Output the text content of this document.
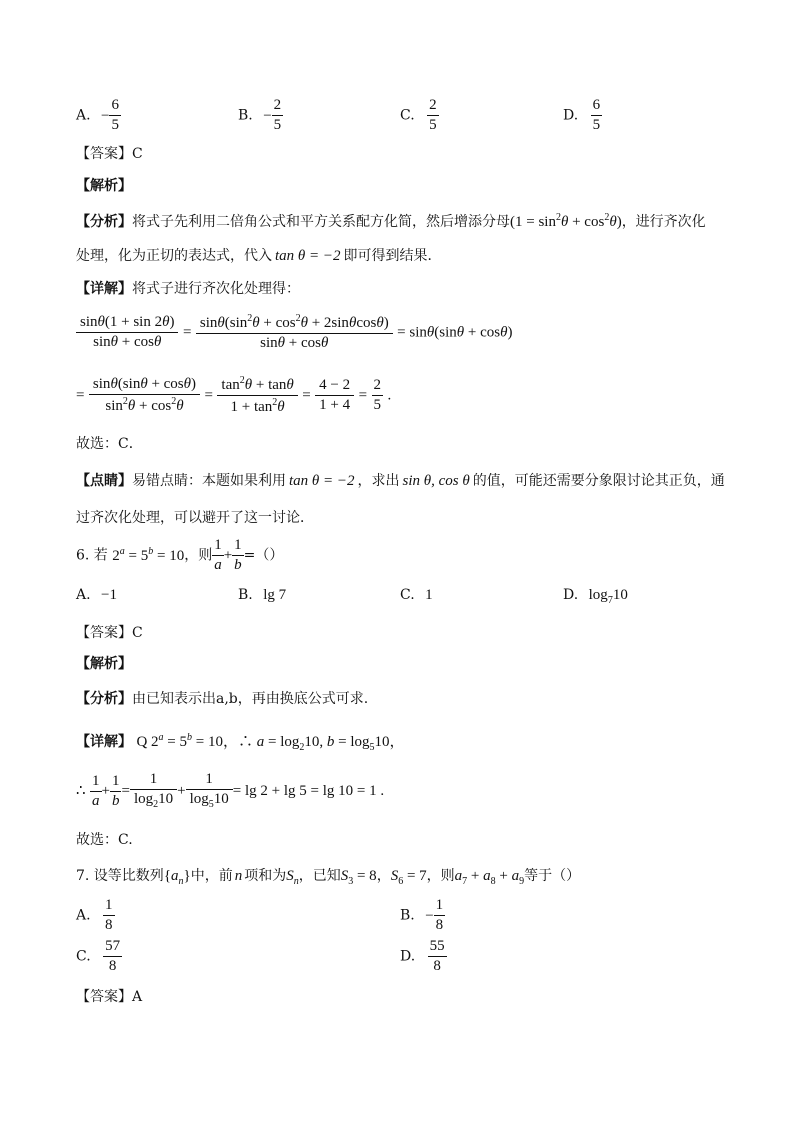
A. − $\frac{6}{5}$	B. − $\frac{2}{5}$	C. $\frac{2}{5}$	D. $\frac{6}{5}$
【答案】C
【解析】
【分析】将式子先利用二倍角公式和平方关系配方化简，然后增添分母$(1 = \sin^2\theta + \cos^2\theta)$，进行齐次化
处理，化为正切的表达式，代入 tan θ = −2 即可得到结果．
【详解】将式子进行齐次化处理得：
$\frac{\sin\theta(1 + \sin 2\theta)}{\sin\theta + \cos\theta} = \frac{\sin\theta(\sin^2\theta + \cos^2\theta + 2\sin\theta\cos\theta)}{\sin\theta + \cos\theta} = \sin\theta(\sin\theta + \cos\theta)$
= $\frac{\sin\theta(\sin\theta + \cos\theta)}{\sin^2\theta + \cos^2\theta} = \frac{\tan^2\theta + \tan\theta}{1 + \tan^2\theta} = \frac{4 - 2}{1 + 4} = \frac{2}{5}$ .
故选：C．
【点睛】易错点睛：本题如果利用 tan θ = −2 ，求出 sin θ, cos θ 的值，可能还需要分象限讨论其正负，通
过齐次化处理，可以避开了这一讨论．
6. 若 $2^a = 5^b = 10$，则 $\frac{1}{a} + \frac{1}{b}$ =（）
A. −1	B. lg 7	C. 1	D. $\log_710$
【答案】C
【解析】
【分析】由已知表示出a,b，再由换底公式可求.
【详解】 Q $2^a = 5^b = 10$，∴ $a = \log_210$, $b = \log_510$，
∴ $\frac{1}{a} + \frac{1}{b} = \frac{1}{\log_210} + \frac{1}{\log_510} = \lg 2 + \lg 5 = \lg 10 = 1$ .
故选：C.
7. 设等比数列$\{a_n\}$中，前 n 项和为$S_n$，已知$S_3 = 8$，$S_6 = 7$，则$a_7 + a_8 + a_9$等于（）
A. $\frac{1}{8}$	B. − $\frac{1}{8}$
C. $\frac{57}{8}$	D. $\frac{55}{8}$
【答案】A
